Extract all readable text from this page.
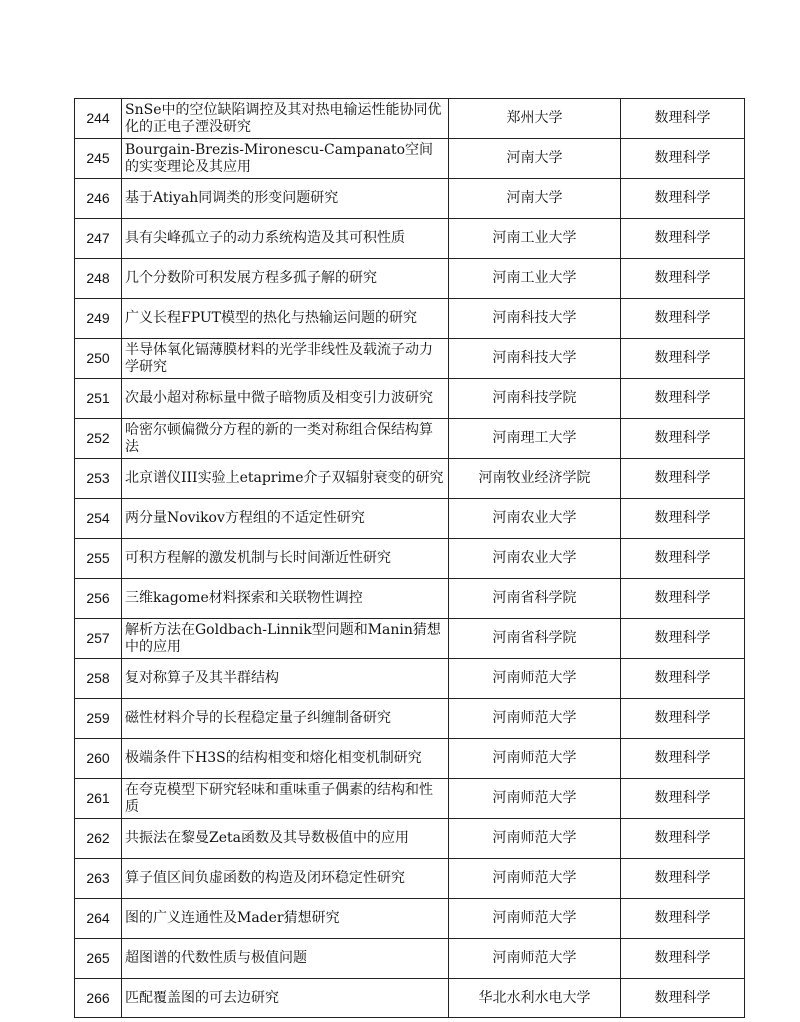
244	SnSe中的空位缺陷调控及其对热电输运性能协同优化的正电子湮没研究	郑州大学	数理科学
245	Bourgain-Brezis-Mironescu-Campanato空间的实变理论及其应用	河南大学	数理科学
246	基于Atiyah同调类的形变问题研究	河南大学	数理科学
247	具有尖峰孤立子的动力系统构造及其可积性质	河南工业大学	数理科学
248	几个分数阶可积发展方程多孤子解的研究	河南工业大学	数理科学
249	广义长程FPUT模型的热化与热输运问题的研究	河南科技大学	数理科学
250	半导体氧化镉薄膜材料的光学非线性及载流子动力学研究	河南科技大学	数理科学
251	次最小超对称标量中微子暗物质及相变引力波研究	河南科技学院	数理科学
252	哈密尔顿偏微分方程的新的一类对称组合保结构算法	河南理工大学	数理科学
253	北京谱仪III实验上etaprime介子双辐射衰变的研究	河南牧业经济学院	数理科学
254	两分量Novikov方程组的不适定性研究	河南农业大学	数理科学
255	可积方程解的激发机制与长时间渐近性研究	河南农业大学	数理科学
256	三维kagome材料探索和关联物性调控	河南省科学院	数理科学
257	解析方法在Goldbach-Linnik型问题和Manin猜想中的应用	河南省科学院	数理科学
258	复对称算子及其半群结构	河南师范大学	数理科学
259	磁性材料介导的长程稳定量子纠缠制备研究	河南师范大学	数理科学
260	极端条件下H3S的结构相变和熔化相变机制研究	河南师范大学	数理科学
261	在夸克模型下研究轻味和重味重子偶素的结构和性质	河南师范大学	数理科学
262	共振法在黎曼Zeta函数及其导数极值中的应用	河南师范大学	数理科学
263	算子值区间负虚函数的构造及闭环稳定性研究	河南师范大学	数理科学
264	图的广义连通性及Mader猜想研究	河南师范大学	数理科学
265	超图谱的代数性质与极值问题	河南师范大学	数理科学
266	匹配覆盖图的可去边研究	华北水利水电大学	数理科学
